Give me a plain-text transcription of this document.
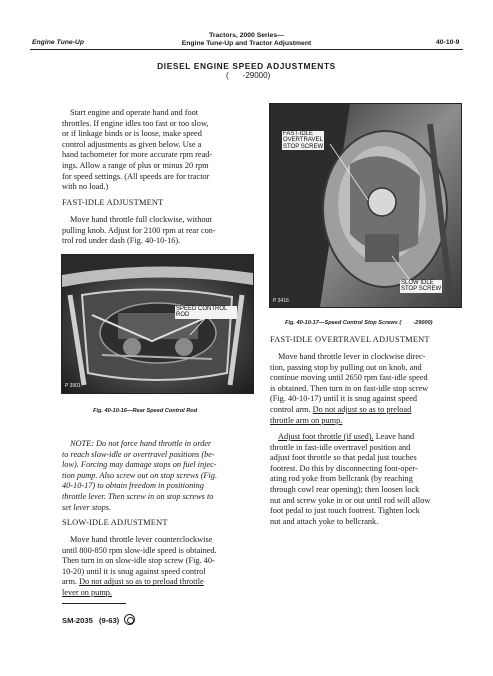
Engine Tune-Up
Tractors, 2000 Series—
Engine Tune-Up and Tractor Adjustment	40-10-9
DIESEL ENGINE SPEED ADJUSTMENTS
( -29000)
Start engine and operate hand and foot
throttles. If engine idles too fast or too slow,
or if linkage binds or is loose, make speed
control adjustments as given below. Use a
hand tachometer for more accurate rpm read-
ings. Allow a range of plus or minus 20 rpm
for speed settings. (All speeds are for tractor
with no load.)
FAST-IDLE ADJUSTMENT
Move hand throttle full clockwise, without
pulling knob. Adjust for 2100 rpm at rear con-
trol rod under dash (Fig. 40-10-16).
SPEED CONTROL ROD
P 3901
Fig. 40-10-16—Rear Speed Control Rod
NOTE: Do not force hand throttle in order
to reach slow-idle or overtravel positions (be-
low). Forcing may damage stops on fuel injec-
tion pump. Also screw out on stop screws (Fig.
40-10-17) to obtain freedom in positioning
throttle lever. Then screw in on stop screws to
set lever stops.
SLOW-IDLE ADJUSTMENT
Move hand throttle lever counterclockwise
until 800-850 rpm slow-idle speed is obtained.
Then turn in on slow-idle stop screw (Fig. 40-
10-20) until it is snug against speed control
arm. Do not adjust so as to preload throttle
lever on pump.
SM-2035 (9-63)
FAST-IDLE
OVERTRAVEL
STOP SCREW
SLOW IDLE
STOP SCREW
P 3416
Fig. 40-10-17—Speed Control Stop Screws ( -29000)
FAST-IDLE OVERTRAVEL ADJUSTMENT
Move hand throttle lever in clockwise direc-
tion, passing stop by pulling out on knob, and
continue moving until 2650 rpm fast-idle speed
is obtained. Then turn in on fast-idle stop screw
(Fig. 40-10-17) until it is snug against speed
control arm. Do not adjust so as to preload
throttle arm on pump.
Adjust foot throttle (if used). Leave hand
throttle in fast-idle overtravel position and
adjust foot throttle so that pedal just touches
footrest. Do this by disconnecting foot-oper-
ating rod yoke from bellcrank (by reaching
through cowl rear opening); then loosen lock
nut and screw yoke in or out until rod will allow
foot pedal to just touch footrest. Tighten lock
nut and attach yoke to bellcrank.
